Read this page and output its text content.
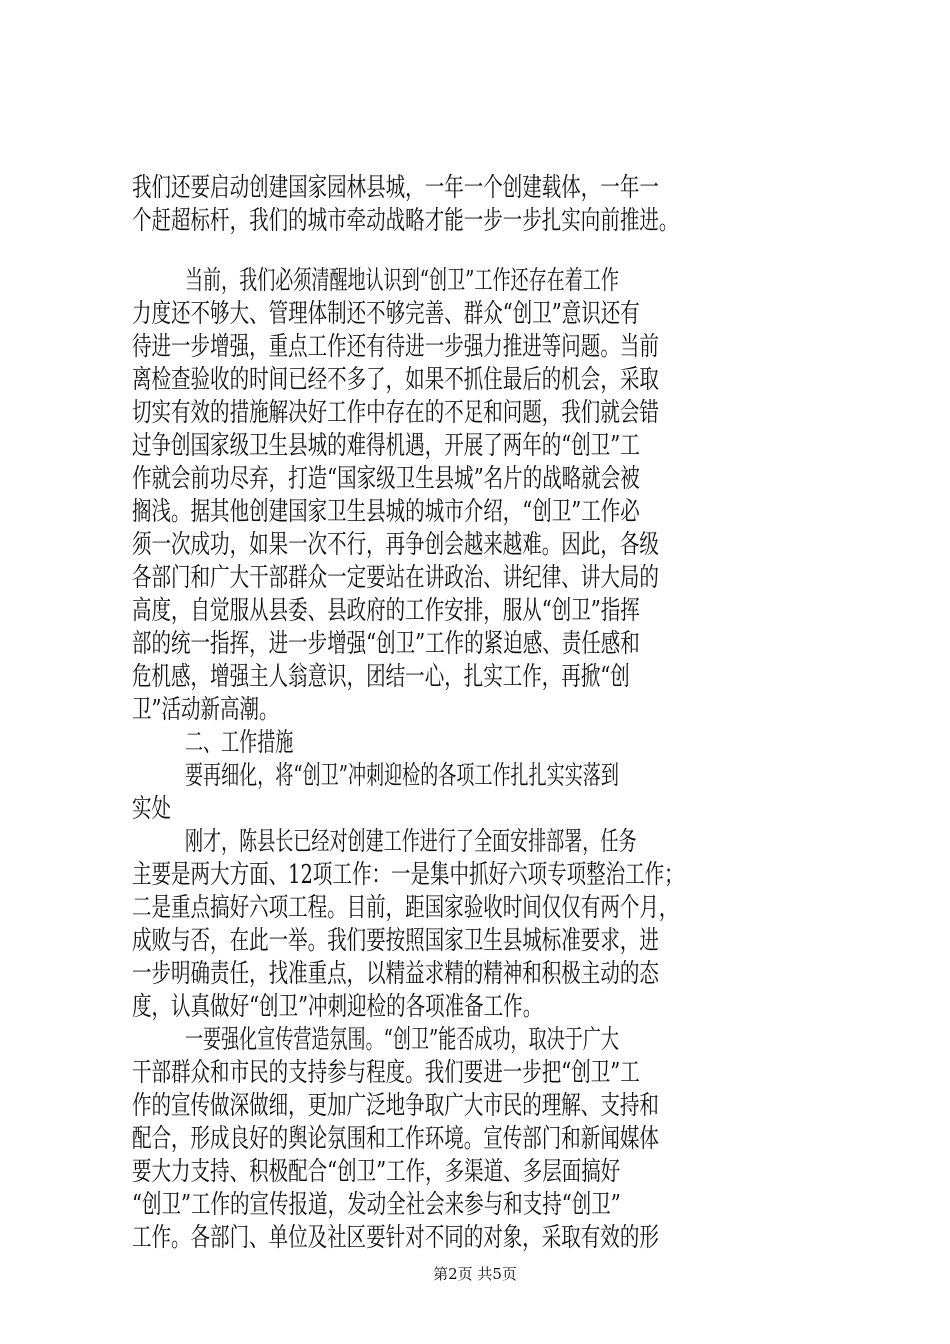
我们还要启动创建国家园林县城，一年一个创建载体，一年一
个赶超标杆，我们的城市牵动战略才能一步一步扎实向前推进。
当前，我们必须清醒地认识到“创卫”工作还存在着工作
力度还不够大、管理体制还不够完善、群众“创卫”意识还有
待进一步增强，重点工作还有待进一步强力推进等问题。当前
离检查验收的时间已经不多了，如果不抓住最后的机会，采取
切实有效的措施解决好工作中存在的不足和问题，我们就会错
过争创国家级卫生县城的难得机遇，开展了两年的“创卫”工
作就会前功尽弃，打造“国家级卫生县城”名片的战略就会被
搁浅。据其他创建国家卫生县城的城市介绍，“创卫”工作必
须一次成功，如果一次不行，再争创会越来越难。因此，各级
各部门和广大干部群众一定要站在讲政治、讲纪律、讲大局的
高度，自觉服从县委、县政府的工作安排，服从“创卫”指挥
部的统一指挥，进一步增强“创卫”工作的紧迫感、责任感和
危机感，增强主人翁意识，团结一心，扎实工作，再掀“创
卫”活动新高潮。
二、工作措施
要再细化，将“创卫”冲刺迎检的各项工作扎扎实实落到
实处
刚才，陈县长已经对创建工作进行了全面安排部署，任务
主要是两大方面、12项工作：一是集中抓好六项专项整治工作；
二是重点搞好六项工程。目前，距国家验收时间仅仅有两个月，
成败与否，在此一举。我们要按照国家卫生县城标准要求，进
一步明确责任，找准重点，以精益求精的精神和积极主动的态
度，认真做好“创卫”冲刺迎检的各项准备工作。
一要强化宣传营造氛围。“创卫”能否成功，取决于广大
干部群众和市民的支持参与程度。我们要进一步把“创卫”工
作的宣传做深做细，更加广泛地争取广大市民的理解、支持和
配合，形成良好的舆论氛围和工作环境。宣传部门和新闻媒体
要大力支持、积极配合“创卫”工作，多渠道、多层面搞好
“创卫”工作的宣传报道，发动全社会来参与和支持“创卫”
工作。各部门、单位及社区要针对不同的对象，采取有效的形
第2页 共5页
